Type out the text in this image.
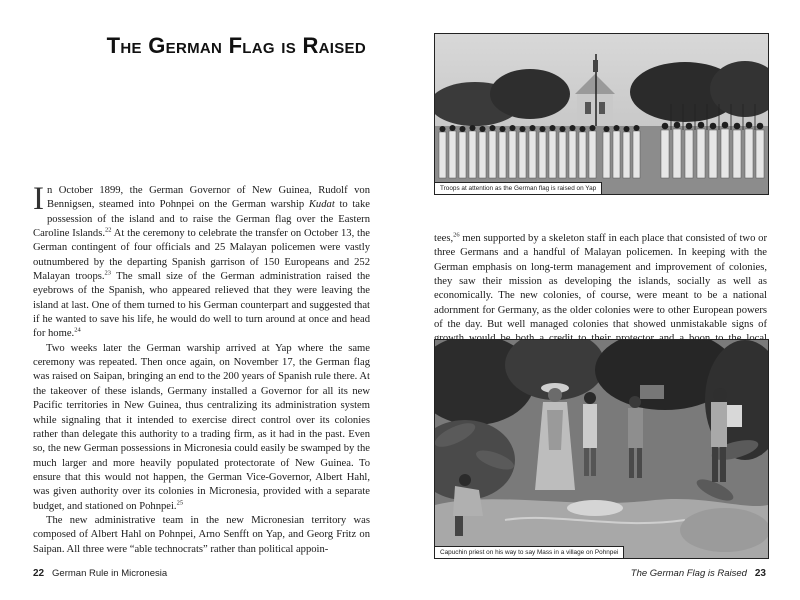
The German Flag is Raised

In October 1899, the German Governor of New Guinea, Rudolf von Bennigsen, steamed into Pohnpei on the German warship Kudat to take possession of the island and to raise the German flag over the Eastern Caroline Islands.$^{22}$ At the ceremony to celebrate the transfer on October 13, the German contingent of four officials and 25 Malayan policemen were vastly outnumbered by the departing Spanish garrison of 150 Europeans and 252 Malayan troops.$^{23}$ The small size of the German administration raised the eyebrows of the Spanish, who appeared relieved that they were leaving the island at last. One of them turned to his German counterpart and suggested that if he wanted to save his life, he would do well to turn around at once and head for home.$^{24}$

Two weeks later the German warship arrived at Yap where the same ceremony was repeated. Then once again, on November 17, the German flag was raised on Saipan, bringing an end to the 200 years of Spanish rule there. At the takeover of these islands, Germany installed a Governor for all its new Pacific territories in New Guinea, thus centralizing its administration system while signaling that it intended to exercise direct control over its colonies rather than delegate this authority to a trading firm, as it had in the past. Even so, the new German possessions in Micronesia could easily be swamped by the much larger and more heavily populated protectorate of New Guinea. To ensure that this would not happen, the German Vice-Governor, Albert Hahl, was given authority over its colonies in Micronesia, provided with a separate budget, and stationed on Pohnpei.$^{25}$

The new administrative team in the new Micronesian territory was composed of Albert Hahl on Pohnpei, Arno Senfft on Yap, and Georg Fritz on Saipan. All three were “able technocrats” rather than political appoin-

22 German Rule in Micronesia
Troops at attention as the German flag is raised on Yap

tees,$^{26}$ men supported by a skeleton staff in each place that consisted of two or three Germans and a handful of Malayan policemen. In keeping with the German emphasis on long-term management and improvement of colonies, they saw their mission as developing the islands, socially as well as economically. The new colonies, of course, were meant to be a national adornment for Germany, as the older colonies were to other European powers of the day. But well managed colonies that showed unmistakable signs of

Capuchin priest on his way to say Mass in a village on Pohnpei
The German Flag is Raised 23
